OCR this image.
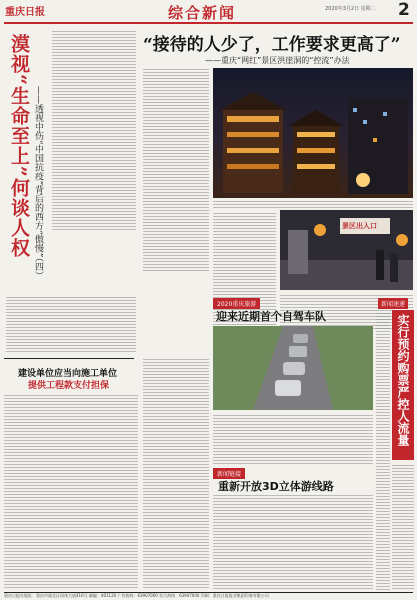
重庆日报	综合新闻	2020年3月2日 星期二 2
漠视“生命至上”何谈人权 ——透视中伤“中国抗疫”背后的西方“傲慢”（四）
“接待的人少了，工作要求更高了”
——重庆“网红”景区洪崖洞的“控流”办法
景区出入口
建设单位应当向施工单位
提供工程款支付担保
2020重庆旅游
迎来近期首个自驾车队
新闻速递
实行预约购票严控人流量
新闻链接
重新开放3D立体游线路
重庆日报社地址：重庆市渝北区同茂大道416号 邮编：401120 广告热线：63907000 发行热线：63907000 印刷：重庆日报报业集团印务有限公司
